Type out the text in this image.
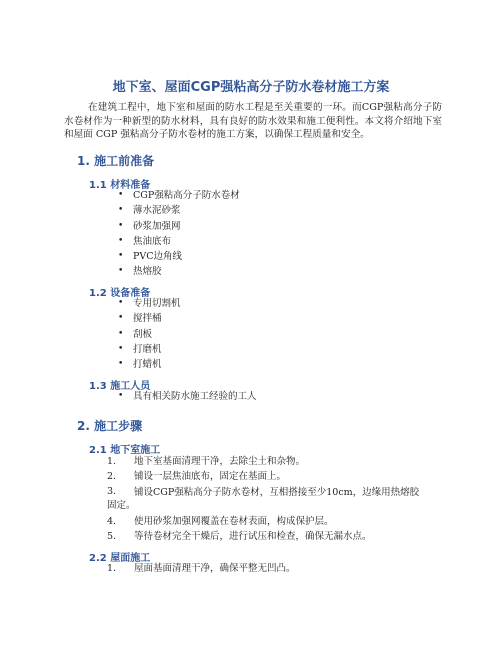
地下室、屋面CGP强粘高分子防水卷材施工方案

在建筑工程中，地下室和屋面的防水工程是至关重要的一环。而CGP强粘高分子防水卷材作为一种新型的防水材料，具有良好的防水效果和施工便利性。本文将介绍地下室和屋面 CGP 强粘高分子防水卷材的施工方案，以确保工程质量和安全。

1. 施工前准备
1.1 材料准备
• CGP强粘高分子防水卷材
• 薄水泥砂浆
• 砂浆加强网
• 焦油底布
• PVC边角线
• 热熔胶
1.2 设备准备
• 专用切割机
• 搅拌桶
• 刮板
• 打磨机
• 打蜡机
1.3 施工人员
• 具有相关防水施工经验的工人
2. 施工步骤
2.1 地下室施工
1. 地下室基面清理干净，去除尘土和杂物。
2. 铺设一层焦油底布，固定在基面上。
3. 铺设CGP强粘高分子防水卷材，互相搭接至少10cm，边缘用热熔胶
固定。
4. 使用砂浆加强网覆盖在卷材表面，构成保护层。
5. 等待卷材完全干燥后，进行试压和检查，确保无漏水点。
2.2 屋面施工
1. 屋面基面清理干净，确保平整无凹凸。
